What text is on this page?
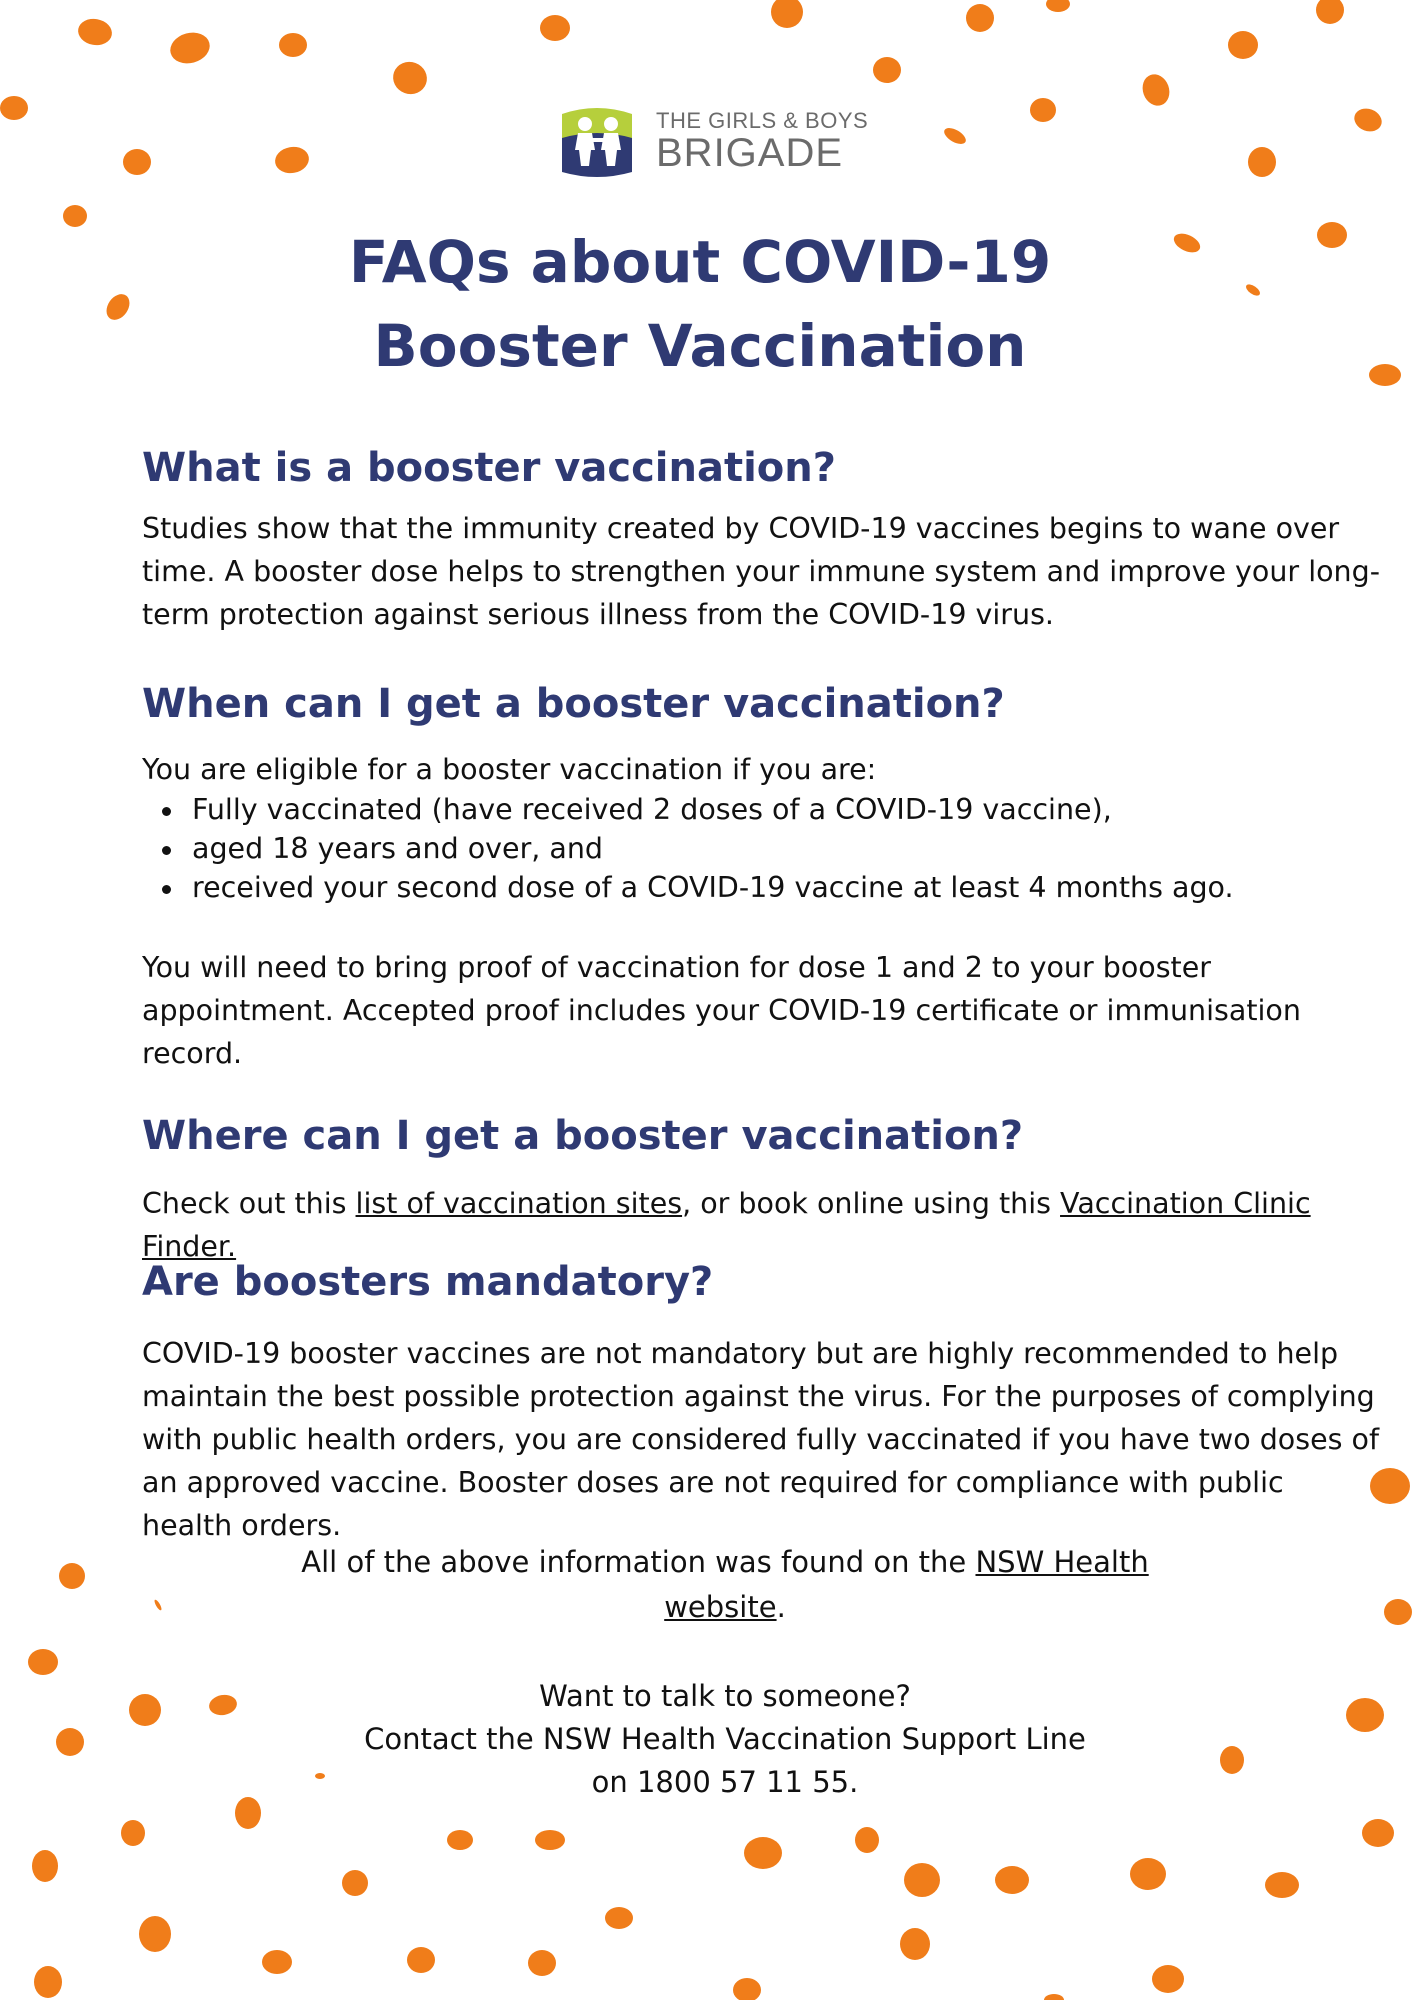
THE GIRLS & BOYS
BRIGADE
FAQs about COVID-19
Booster Vaccination
What is a booster vaccination?

Studies show that the immunity created by COVID-19 vaccines begins to wane over time. A booster dose helps to strengthen your immune system and improve your long-term protection against serious illness from the COVID-19 virus.

When can I get a booster vaccination?

You are eligible for a booster vaccination if you are:

Fully vaccinated (have received 2 doses of a COVID-19 vaccine),
aged 18 years and over, and
received your second dose of a COVID-19 vaccine at least 4 months ago.

You will need to bring proof of vaccination for dose 1 and 2 to your booster appointment. Accepted proof includes your COVID-19 certificate or immunisation record.

Where can I get a booster vaccination?

Check out this list of vaccination sites, or book online using this Vaccination Clinic Finder.

Are boosters mandatory?

COVID-19 booster vaccines are not mandatory but are highly recommended to help maintain the best possible protection against the virus. For the purposes of complying with public health orders, you are considered fully vaccinated if you have two doses of an approved vaccine. Booster doses are not required for compliance with public health orders.

All of the above information was found on the NSW Health
website.

Want to talk to someone?
Contact the NSW Health Vaccination Support Line
on 1800 57 11 55.
